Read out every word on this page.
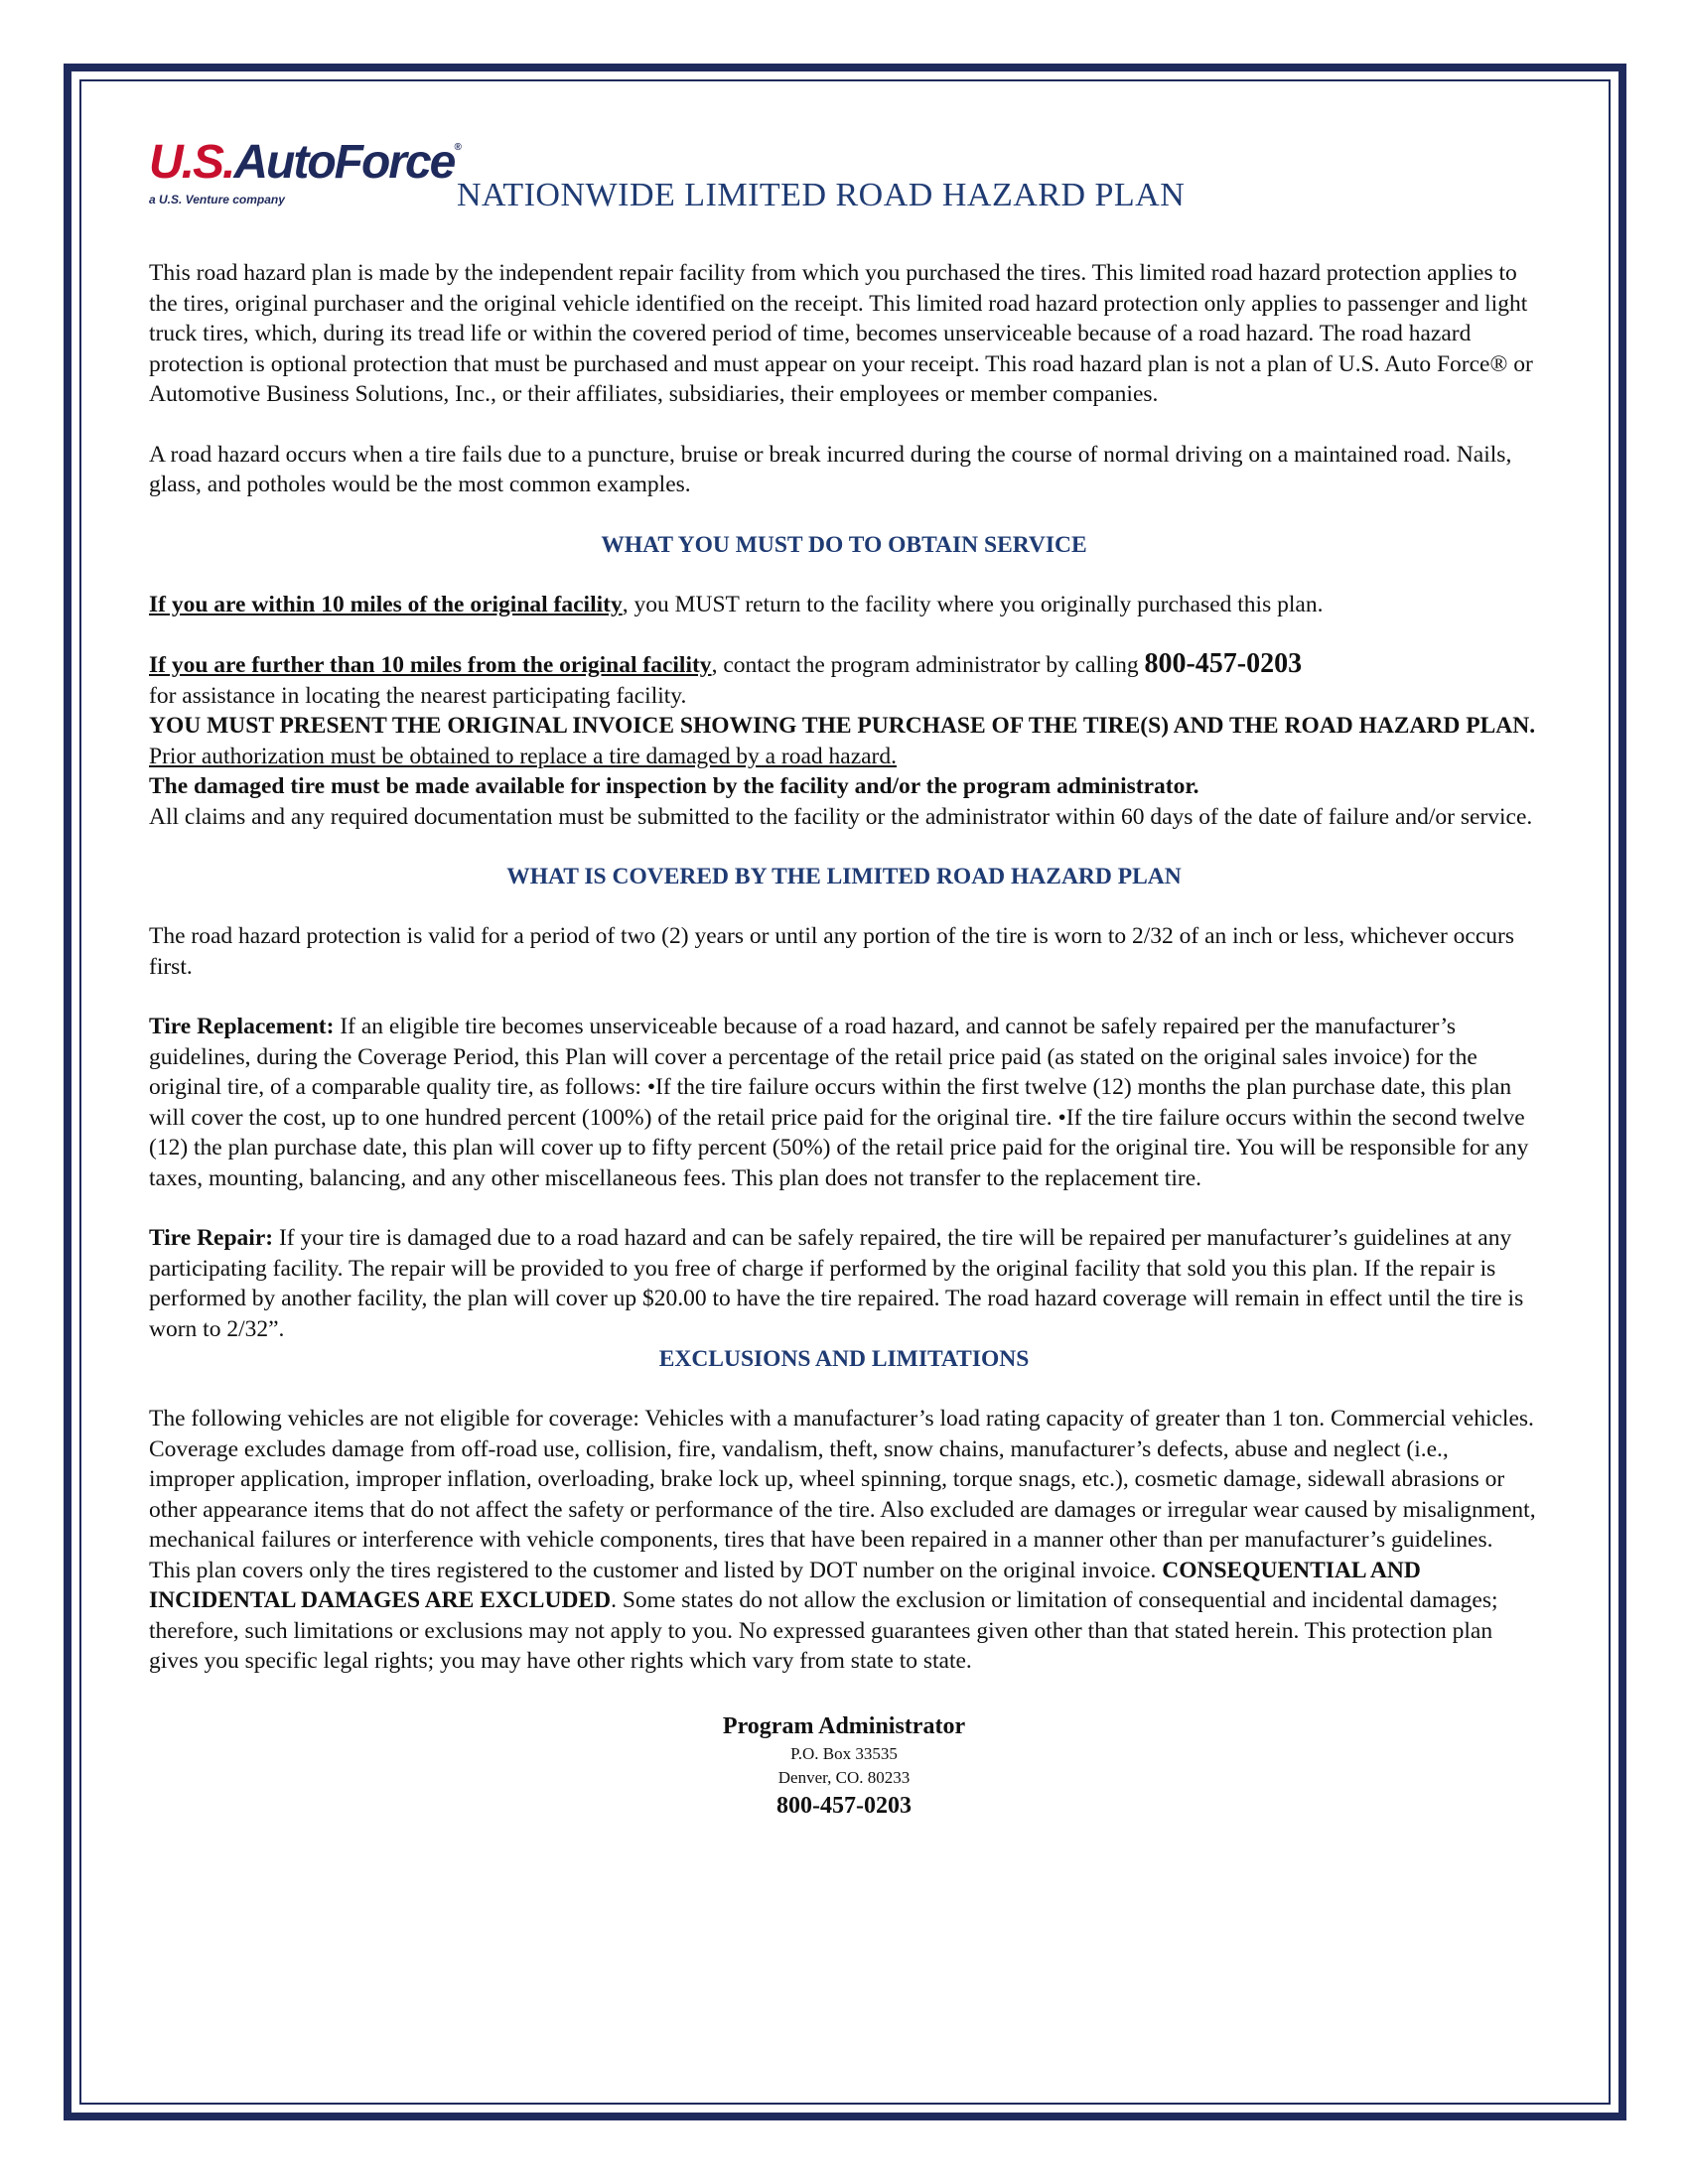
U.S.AutoForce®
a U.S. Venture company	NATIONWIDE LIMITED ROAD HAZARD PLAN

This road hazard plan is made by the independent repair facility from which you purchased the tires. This limited road hazard protection applies to the tires, original purchaser and the original vehicle identified on the receipt. This limited road hazard protection only applies to passenger and light truck tires, which, during its tread life or within the covered period of time, becomes unserviceable because of a road hazard. The road hazard protection is optional protection that must be purchased and must appear on your receipt. This road hazard plan is not a plan of U.S. Auto Force® or Automotive Business Solutions, Inc., or their affiliates, subsidiaries, their employees or member companies.

A road hazard occurs when a tire fails due to a puncture, bruise or break incurred during the course of normal driving on a maintained road. Nails, glass, and potholes would be the most common examples.

WHAT YOU MUST DO TO OBTAIN SERVICE

If you are within 10 miles of the original facility, you MUST return to the facility where you originally purchased this plan.

If you are further than 10 miles from the original facility, contact the program administrator by calling 800-457-0203
for assistance in locating the nearest participating facility.

YOU MUST PRESENT THE ORIGINAL INVOICE SHOWING THE PURCHASE OF THE TIRE(S) AND THE ROAD HAZARD PLAN.

Prior authorization must be obtained to replace a tire damaged by a road hazard.

The damaged tire must be made available for inspection by the facility and/or the program administrator.

All claims and any required documentation must be submitted to the facility or the administrator within 60 days of the date of failure and/or service.

WHAT IS COVERED BY THE LIMITED ROAD HAZARD PLAN

The road hazard protection is valid for a period of two (2) years or until any portion of the tire is worn to 2/32 of an inch or less, whichever occurs first.

Tire Replacement: If an eligible tire becomes unserviceable because of a road hazard, and cannot be safely repaired per the manufacturer’s guidelines, during the Coverage Period, this Plan will cover a percentage of the retail price paid (as stated on the original sales invoice) for the original tire, of a comparable quality tire, as follows: •If the tire failure occurs within the first twelve (12) months the plan purchase date, this plan will cover the cost, up to one hundred percent (100%) of the retail price paid for the original tire. •If the tire failure occurs within the second twelve (12) the plan purchase date, this plan will cover up to fifty percent (50%) of the retail price paid for the original tire. You will be responsible for any taxes, mounting, balancing, and any other miscellaneous fees. This plan does not transfer to the replacement tire.

Tire Repair: If your tire is damaged due to a road hazard and can be safely repaired, the tire will be repaired per manufacturer’s guidelines at any participating facility. The repair will be provided to you free of charge if performed by the original facility that sold you this plan. If the repair is performed by another facility, the plan will cover up $20.00 to have the tire repaired. The road hazard coverage will remain in effect until the tire is worn to 2/32”.

EXCLUSIONS AND LIMITATIONS

The following vehicles are not eligible for coverage: Vehicles with a manufacturer’s load rating capacity of greater than 1 ton. Commercial vehicles. Coverage excludes damage from off-road use, collision, fire, vandalism, theft, snow chains, manufacturer’s defects, abuse and neglect (i.e., improper application, improper inflation, overloading, brake lock up, wheel spinning, torque snags, etc.), cosmetic damage, sidewall abrasions or other appearance items that do not affect the safety or performance of the tire. Also excluded are damages or irregular wear caused by misalignment, mechanical failures or interference with vehicle components, tires that have been repaired in a manner other than per manufacturer’s guidelines. This plan covers only the tires registered to the customer and listed by DOT number on the original invoice. CONSEQUENTIAL AND INCIDENTAL DAMAGES ARE EXCLUDED. Some states do not allow the exclusion or limitation of consequential and incidental damages; therefore, such limitations or exclusions may not apply to you. No expressed guarantees given other than that stated herein. This protection plan gives you specific legal rights; you may have other rights which vary from state to state.

Program Administrator
P.O. Box 33535
Denver, CO. 80233
800-457-0203
